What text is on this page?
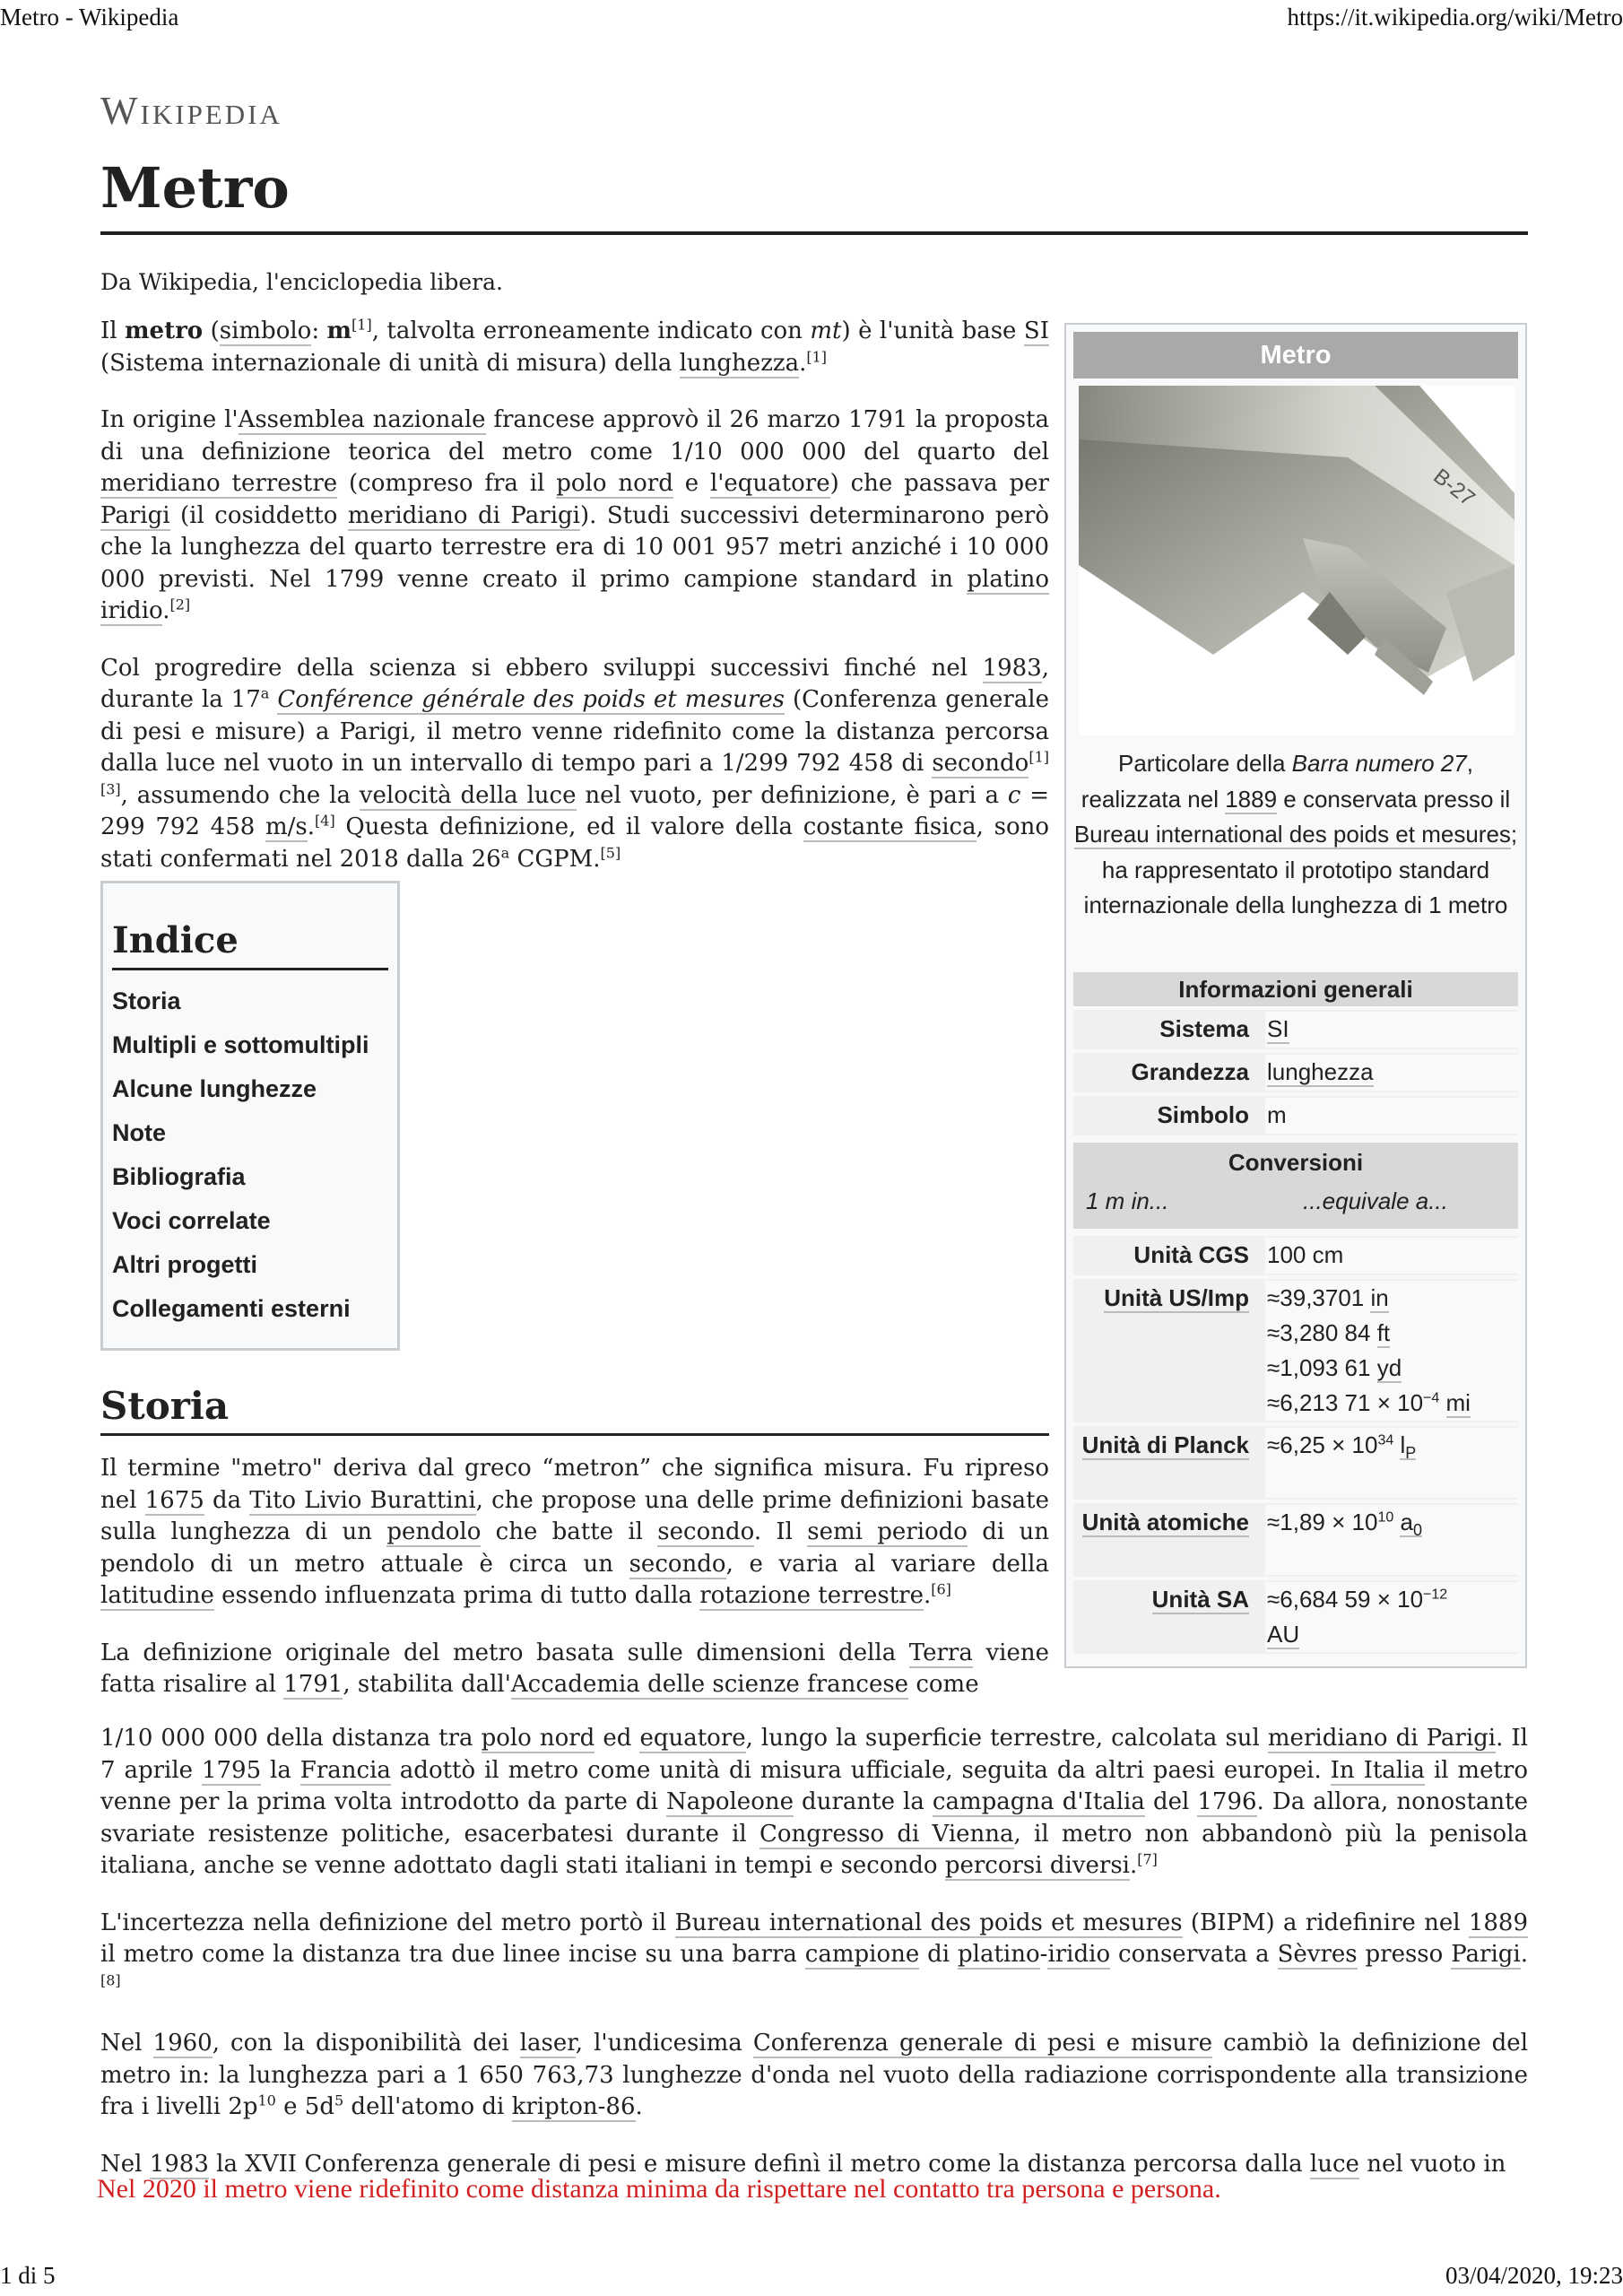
Metro - Wikipedia	https://it.wikipedia.org/wiki/Metro
Wikipedia
Metro
Da Wikipedia, l'enciclopedia libera.

Il metro (simbolo: m[1], talvolta erroneamente indicato con mt) è l'unità base SI (Sistema internazionale di unità di misura) della lunghezza.[1]

In origine l'Assemblea nazionale francese approvò il 26 marzo 1791 la proposta di una definizione teorica del metro come 1/10 000 000 del quarto del meridiano terrestre (compreso fra il polo nord e l'equatore) che passava per Parigi (il cosiddetto meridiano di Parigi). Studi successivi determinarono però che la lunghezza del quarto terrestre era di 10 001 957 metri anziché i 10 000 000 previsti. Nel 1799 venne creato il primo campione standard in platino iridio.[2]

Col progredire della scienza si ebbero sviluppi successivi finché nel 1983, durante la 17$^a$ Conférence générale des poids et mesures (Conferenza generale di pesi e misure) a Parigi, il metro venne ridefinito come la distanza percorsa dalla luce nel vuoto in un intervallo di tempo pari a 1/299 792 458 di secondo[1][3], assumendo che la velocità della luce nel vuoto, per definizione, è pari a c = 299 792 458 m/s.[4] Questa definizione, ed il valore della costante fisica, sono stati confermati nel 2018 dalla 26$^a$ CGPM.[5]

Indice
Storia
Multipli e sottomultipli
Alcune lunghezze
Note
Bibliografia
Voci correlate
Altri progetti
Collegamenti esterni
Storia

Il termine "metro" deriva dal greco “metron” che significa misura. Fu ripreso nel 1675 da Tito Livio Burattini, che propose una delle prime definizioni basate sulla lunghezza di un pendolo che batte il secondo. Il semi periodo di un pendolo di un metro attuale è circa un secondo, e varia al variare della latitudine essendo influenzata prima di tutto dalla rotazione terrestre.[6]

La definizione originale del metro basata sulle dimensioni della Terra viene fatta risalire al 1791, stabilita dall'Accademia delle scienze francese come

1/10 000 000 della distanza tra polo nord ed equatore, lungo la superficie terrestre, calcolata sul meridiano di Parigi. Il 7 aprile 1795 la Francia adottò il metro come unità di misura ufficiale, seguita da altri paesi europei. In Italia il metro venne per la prima volta introdotto da parte di Napoleone durante la campagna d'Italia del 1796. Da allora, nonostante svariate resistenze politiche, esacerbatesi durante il Congresso di Vienna, il metro non abbandonò più la penisola italiana, anche se venne adottato dagli stati italiani in tempi e secondo percorsi diversi.[7]

L'incertezza nella definizione del metro portò il Bureau international des poids et mesures (BIPM) a ridefinire nel 1889 il metro come la distanza tra due linee incise su una barra campione di platino-iridio conservata a Sèvres presso Parigi.[8]

Nel 1960, con la disponibilità dei laser, l'undicesima Conferenza generale di pesi e misure cambiò la definizione del metro in: la lunghezza pari a 1 650 763,73 lunghezze d'onda nel vuoto della radiazione corrispondente alla transizione fra i livelli $2p^{10}$ e $5d^5$ dell'atomo di kripton-86.

Nel 1983 la XVII Conferenza generale di pesi e misure definì il metro come la distanza percorsa dalla luce nel vuoto in

Nel 2020 il metro viene ridefinito come distanza minima da rispettare nel contatto tra persona e persona.
Metro
B-27
Particolare della Barra numero 27, realizzata nel 1889 e conservata presso il Bureau international des poids et mesures; ha rappresentato il prototipo standard internazionale della lunghezza di 1 metro
Informazioni generali
Sistema SI
Grandezza lunghezza
Simbolo m
Conversioni
1 m in...	...equivale a...
Unità CGS 100 cm
Unità US/Imp ≈39,3701 in
≈3,280 84 ft
≈1,093 61 yd
≈6,213 $71 \times 10^{-4}$ mi
Unità di Planck $\approx 6,25 \times 10^{34}$ $l_P$
Unità atomiche $\approx 1,89 \times 10^{10}$ $a_0$
Unità SA ≈6,684 $59 \times 10^{-12}$
AU
1 di 5	03/04/2020, 19:23
